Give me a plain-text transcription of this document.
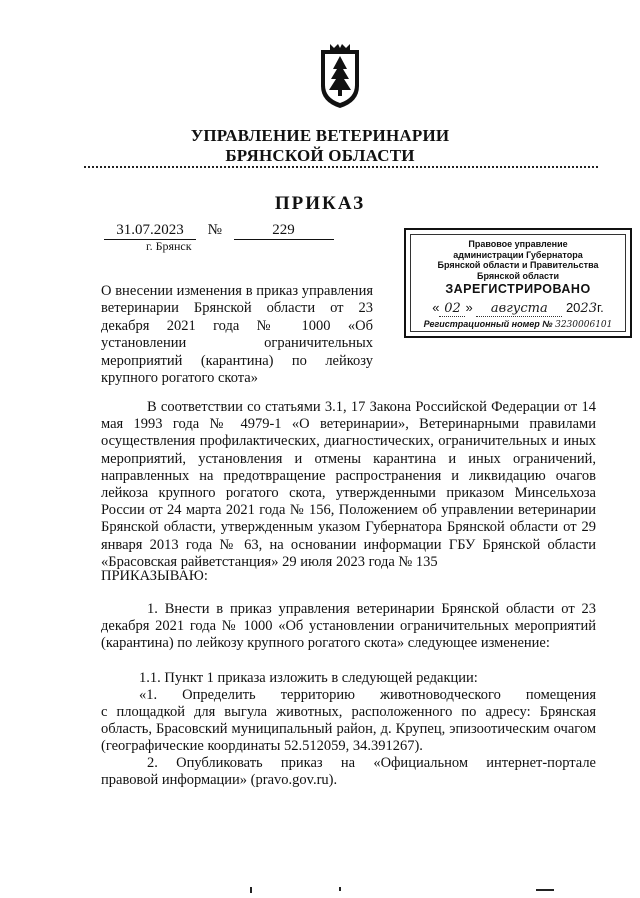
УПРАВЛЕНИЕ ВЕТЕРИНАРИИ
БРЯНСКОЙ ОБЛАСТИ
ПРИКАЗ
31.07.2023 №	229
г. Брянск
О внесении изменения в приказ управления ветеринарии Брянской области от 23 декабря 2021 года № 1000 «Об установлении ограничительных мероприятий (карантина) по лейкозу крупного рогатого скота»
Правовое управление
администрации Губернатора
Брянской области и Правительства
Брянской области
ЗАРЕГИСТРИРОВАНО
« 02 » августа 2023г.
Регистрационный номер № 3230006101
В соответствии со статьями 3.1, 17 Закона Российской Федерации от 14 мая 1993 года № 4979-1 «О ветеринарии», Ветеринарными правилами осуществления профилактических, диагностических, ограничительных и иных мероприятий, установления и отмены карантина и иных ограничений, направленных на предотвращение распространения и ликвидацию очагов лейкоза крупного рогатого скота, утвержденными приказом Минсельхоза России от 24 марта 2021 года № 156, Положением об управлении ветеринарии Брянской области, утвержденным указом Губернатора Брянской области от 29 января 2013 года № 63, на основании информации ГБУ Брянской области «Брасовская райветстанция» 29 июля 2023 года № 135
ПРИКАЗЫВАЮ:
1. Внести в приказ управления ветеринарии Брянской области от 23 декабря 2021 года № 1000 «Об установлении ограничительных мероприятий (карантина) по лейкозу крупного рогатого скота» следующее изменение:
1.1. Пункт 1 приказа изложить в следующей редакции:
«1. Определить территорию животноводческого помещения
с площадкой для выгула животных, расположенного по адресу: Брянская область, Брасовский муниципальный район, д. Крупец, эпизоотическим очагом (географические координаты 52.512059, 34.391267).
2. Опубликовать приказ на «Официальном интернет-портале
правовой информации» (pravo.gov.ru).
